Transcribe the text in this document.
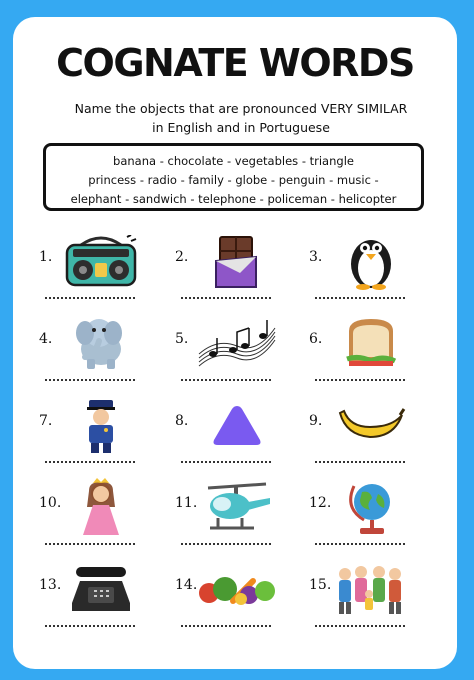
COGNATE WORDS
Name the objects that are pronounced VERY SIMILAR
in English and in Portuguese
banana - chocolate - vegetables - triangle
princess - radio - family - globe - penguin - music -
elephant - sandwich - telephone - policeman - helicopter
1.	2.	3.
4.	5.	6.
7.	8.	9.
10.	11.	12.
13.	14.	15.
